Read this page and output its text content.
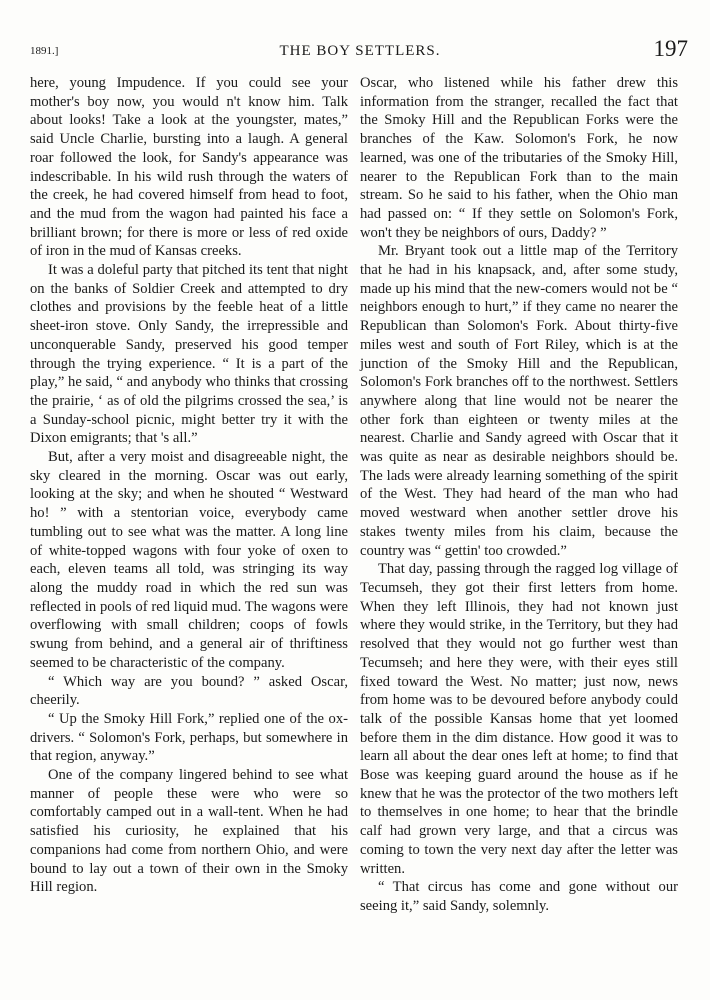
1891.]	THE BOY SETTLERS.	197

here, young Impudence. If you could see your mother's boy now, you would n't know him. Talk about looks! Take a look at the youngster, mates,” said Uncle Charlie, bursting into a laugh. A general roar followed the look, for Sandy's appearance was indescribable. In his wild rush through the waters of the creek, he had covered himself from head to foot, and the mud from the wagon had painted his face a brilliant brown; for there is more or less of red oxide of iron in the mud of Kansas creeks.

It was a doleful party that pitched its tent that night on the banks of Soldier Creek and attempted to dry clothes and provisions by the feeble heat of a little sheet-iron stove. Only Sandy, the irrepressible and unconquerable Sandy, preserved his good temper through the trying experience. “ It is a part of the play,” he said, “ and anybody who thinks that crossing the prairie, ‘ as of old the pilgrims crossed the sea,’ is a Sunday-school picnic, might better try it with the Dixon emigrants; that 's all.”

But, after a very moist and disagreeable night, the sky cleared in the morning. Oscar was out early, looking at the sky; and when he shouted “ Westward ho! ” with a stentorian voice, everybody came tumbling out to see what was the matter. A long line of white-topped wagons with four yoke of oxen to each, eleven teams all told, was stringing its way along the muddy road in which the red sun was reflected in pools of red liquid mud. The wagons were overflowing with small children; coops of fowls swung from behind, and a general air of thriftiness seemed to be characteristic of the company.

“ Which way are you bound? ” asked Oscar, cheerily.

“ Up the Smoky Hill Fork,” replied one of the ox-drivers. “ Solomon's Fork, perhaps, but somewhere in that region, anyway.”

One of the company lingered behind to see what manner of people these were who were so comfortably camped out in a wall-tent. When he had satisfied his curiosity, he explained that his companions had come from northern Ohio, and were bound to lay out a town of their own in the Smoky Hill region.

Oscar, who listened while his father drew this information from the stranger, recalled the fact that the Smoky Hill and the Republican Forks were the branches of the Kaw. Solomon's Fork, he now learned, was one of the tributaries of the Smoky Hill, nearer to the Republican Fork than to the main stream. So he said to his father, when the Ohio man had passed on: “ If they settle on Solomon's Fork, won't they be neighbors of ours, Daddy? ”

Mr. Bryant took out a little map of the Territory that he had in his knapsack, and, after some study, made up his mind that the new-comers would not be “ neighbors enough to hurt,” if they came no nearer the Republican than Solomon's Fork. About thirty-five miles west and south of Fort Riley, which is at the junction of the Smoky Hill and the Republican, Solomon's Fork branches off to the northwest. Settlers anywhere along that line would not be nearer the other fork than eighteen or twenty miles at the nearest. Charlie and Sandy agreed with Oscar that it was quite as near as desirable neighbors should be. The lads were already learning something of the spirit of the West. They had heard of the man who had moved westward when another settler drove his stakes twenty miles from his claim, because the country was “ gettin' too crowded.”

That day, passing through the ragged log village of Tecumseh, they got their first letters from home. When they left Illinois, they had not known just where they would strike, in the Territory, but they had resolved that they would not go further west than Tecumseh; and here they were, with their eyes still fixed toward the West. No matter; just now, news from home was to be devoured before anybody could talk of the possible Kansas home that yet loomed before them in the dim distance. How good it was to learn all about the dear ones left at home; to find that Bose was keeping guard around the house as if he knew that he was the protector of the two mothers left to themselves in one home; to hear that the brindle calf had grown very large, and that a circus was coming to town the very next day after the letter was written.

“ That circus has come and gone without our seeing it,” said Sandy, solemnly.
